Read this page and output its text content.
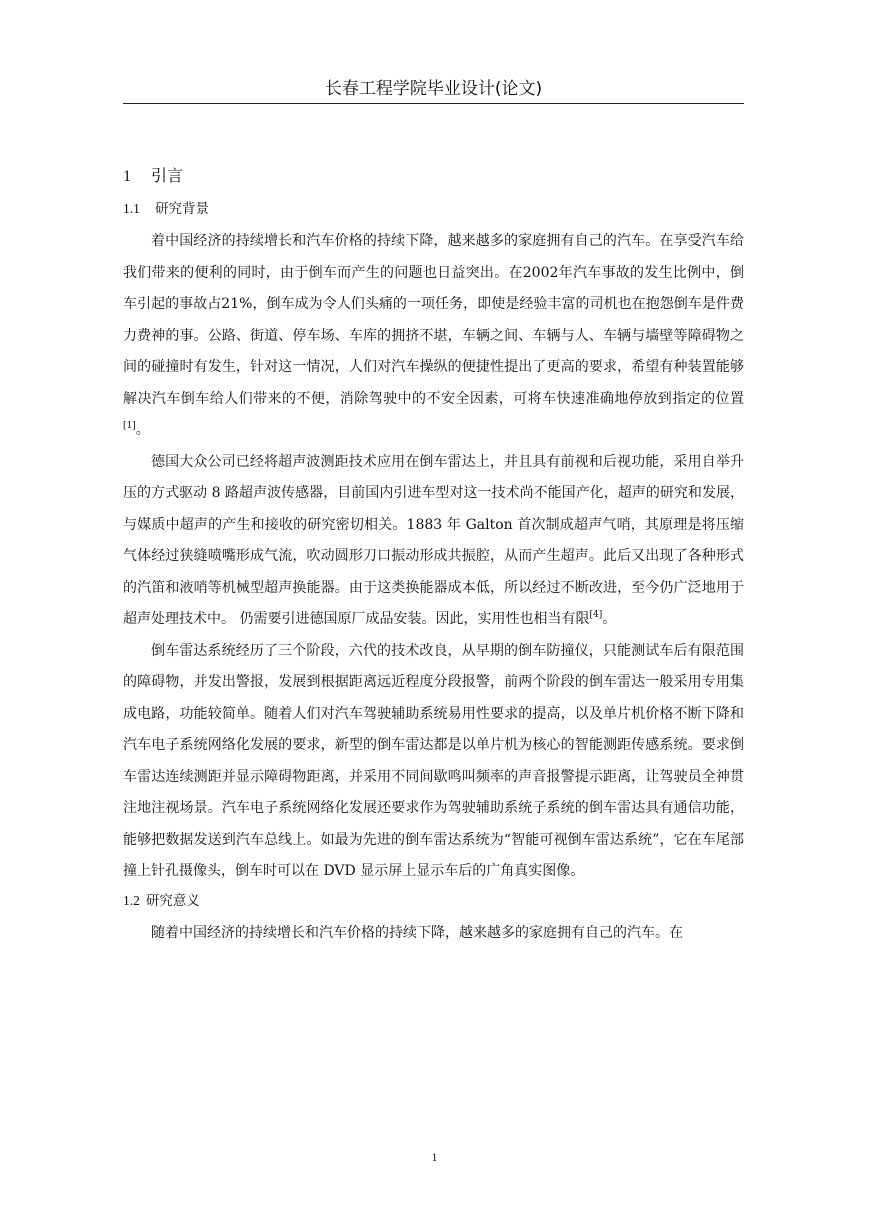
长春工程学院毕业设计(论文)
1 引言
1.1 研究背景

着中国经济的持续增长和汽车价格的持续下降，越来越多的家庭拥有自己的汽车。在享受汽车给我们带来的便利的同时，由于倒车而产生的问题也日益突出。在2002年汽车事故的发生比例中，倒车引起的事故占21%，倒车成为令人们头痛的一项任务，即使是经验丰富的司机也在抱怨倒车是件费力费神的事。公路、街道、停车场、车库的拥挤不堪，车辆之间、车辆与人、车辆与墙壁等障碍物之间的碰撞时有发生，针对这一情况，人们对汽车操纵的便捷性提出了更高的要求，希望有种装置能够解决汽车倒车给人们带来的不便，消除驾驶中的不安全因素，可将车快速准确地停放到指定的位置[1]。

德国大众公司已经将超声波测距技术应用在倒车雷达上，并且具有前视和后视功能，采用自举升压的方式驱动 8 路超声波传感器，目前国内引进车型对这一技术尚不能国产化，超声的研究和发展，与媒质中超声的产生和接收的研究密切相关。1883 年 Galton 首次制成超声气哨，其原理是将压缩气体经过狭缝喷嘴形成气流，吹动圆形刀口振动形成共振腔，从而产生超声。此后又出现了各种形式的汽笛和液哨等机械型超声换能器。由于这类换能器成本低，所以经过不断改进，至今仍广泛地用于超声处理技术中。 仍需要引进德国原厂成品安装。因此，实用性也相当有限[4]。

倒车雷达系统经历了三个阶段，六代的技术改良，从早期的倒车防撞仪，只能测试车后有限范围的障碍物，并发出警报，发展到根据距离远近程度分段报警，前两个阶段的倒车雷达一般采用专用集成电路，功能较简单。随着人们对汽车驾驶辅助系统易用性要求的提高，以及单片机价格不断下降和汽车电子系统网络化发展的要求，新型的倒车雷达都是以单片机为核心的智能测距传感系统。要求倒车雷达连续测距并显示障碍物距离，并采用不同间歇鸣叫频率的声音报警提示距离，让驾驶员全神贯注地注视场景。汽车电子系统网络化发展还要求作为驾驶辅助系统子系统的倒车雷达具有通信功能，能够把数据发送到汽车总线上。如最为先进的倒车雷达系统为“智能可视倒车雷达系统”，它在车尾部撞上针孔摄像头，倒车时可以在 DVD 显示屏上显示车后的广角真实图像。

1.2 研究意义

随着中国经济的持续增长和汽车价格的持续下降，越来越多的家庭拥有自己的汽车。在

1
